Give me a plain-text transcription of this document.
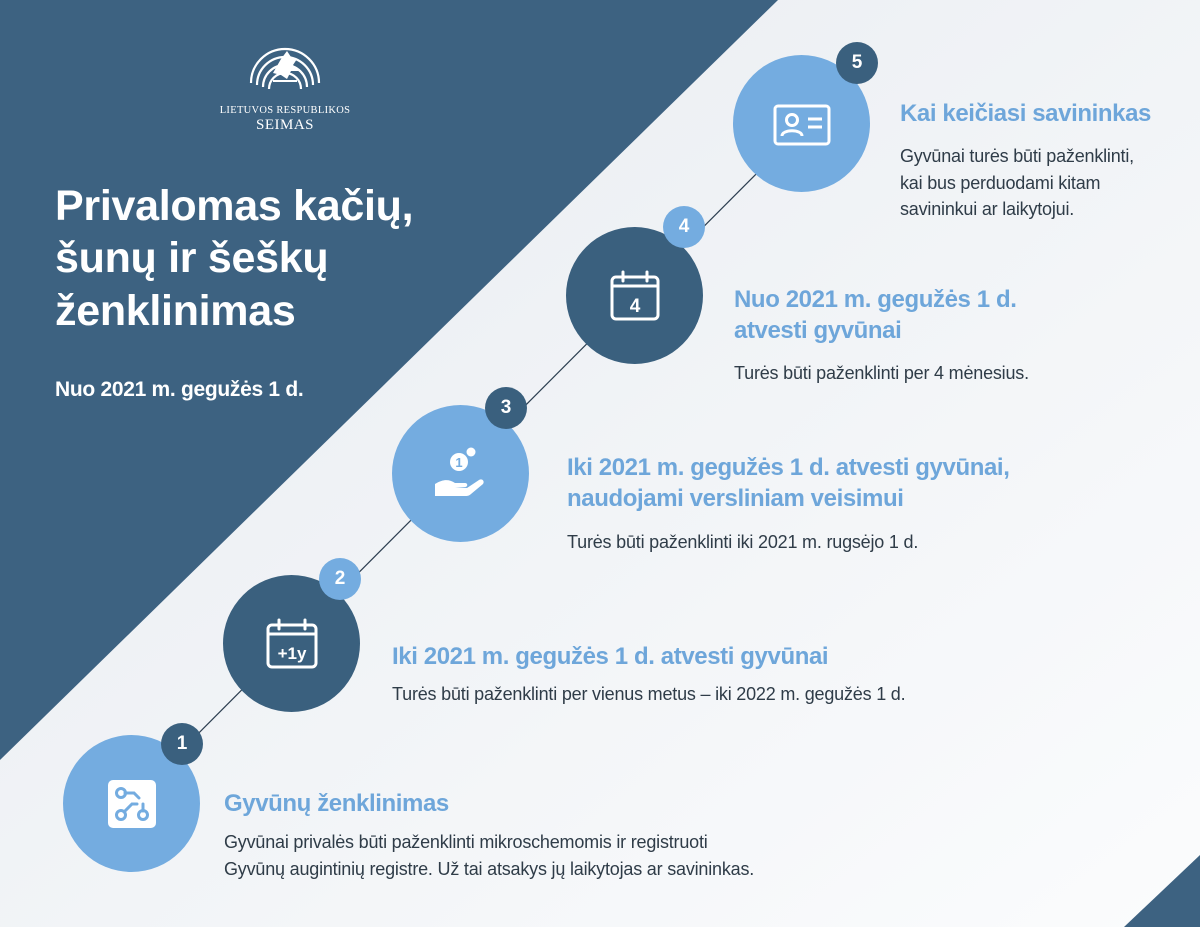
LIETUVOS RESPUBLIKOS
SEIMAS
Privalomas kačių,
šunų ir šeškų
ženklinimas
Nuo 2021 m. gegužės 1 d.
1
Gyvūnų ženklinimas
Gyvūnai privalės būti paženklinti mikroschemomis ir registruoti
Gyvūnų augintinių registre. Už tai atsakys jų laikytojas ar savininkas.
+1y
2
Iki 2021 m. gegužės 1 d. atvesti gyvūnai
Turės būti paženklinti per vienus metus – iki 2022 m. gegužės 1 d.
1
3
Iki 2021 m. gegužės 1 d. atvesti gyvūnai,
naudojami versliniam veisimui
Turės būti paženklinti iki 2021 m. rugsėjo 1 d.
4
4
Nuo 2021 m. gegužės 1 d.
atvesti gyvūnai
Turės būti paženklinti per 4 mėnesius.
5
Kai keičiasi savininkas
Gyvūnai turės būti paženklinti,
kai bus perduodami kitam
savininkui ar laikytojui.
